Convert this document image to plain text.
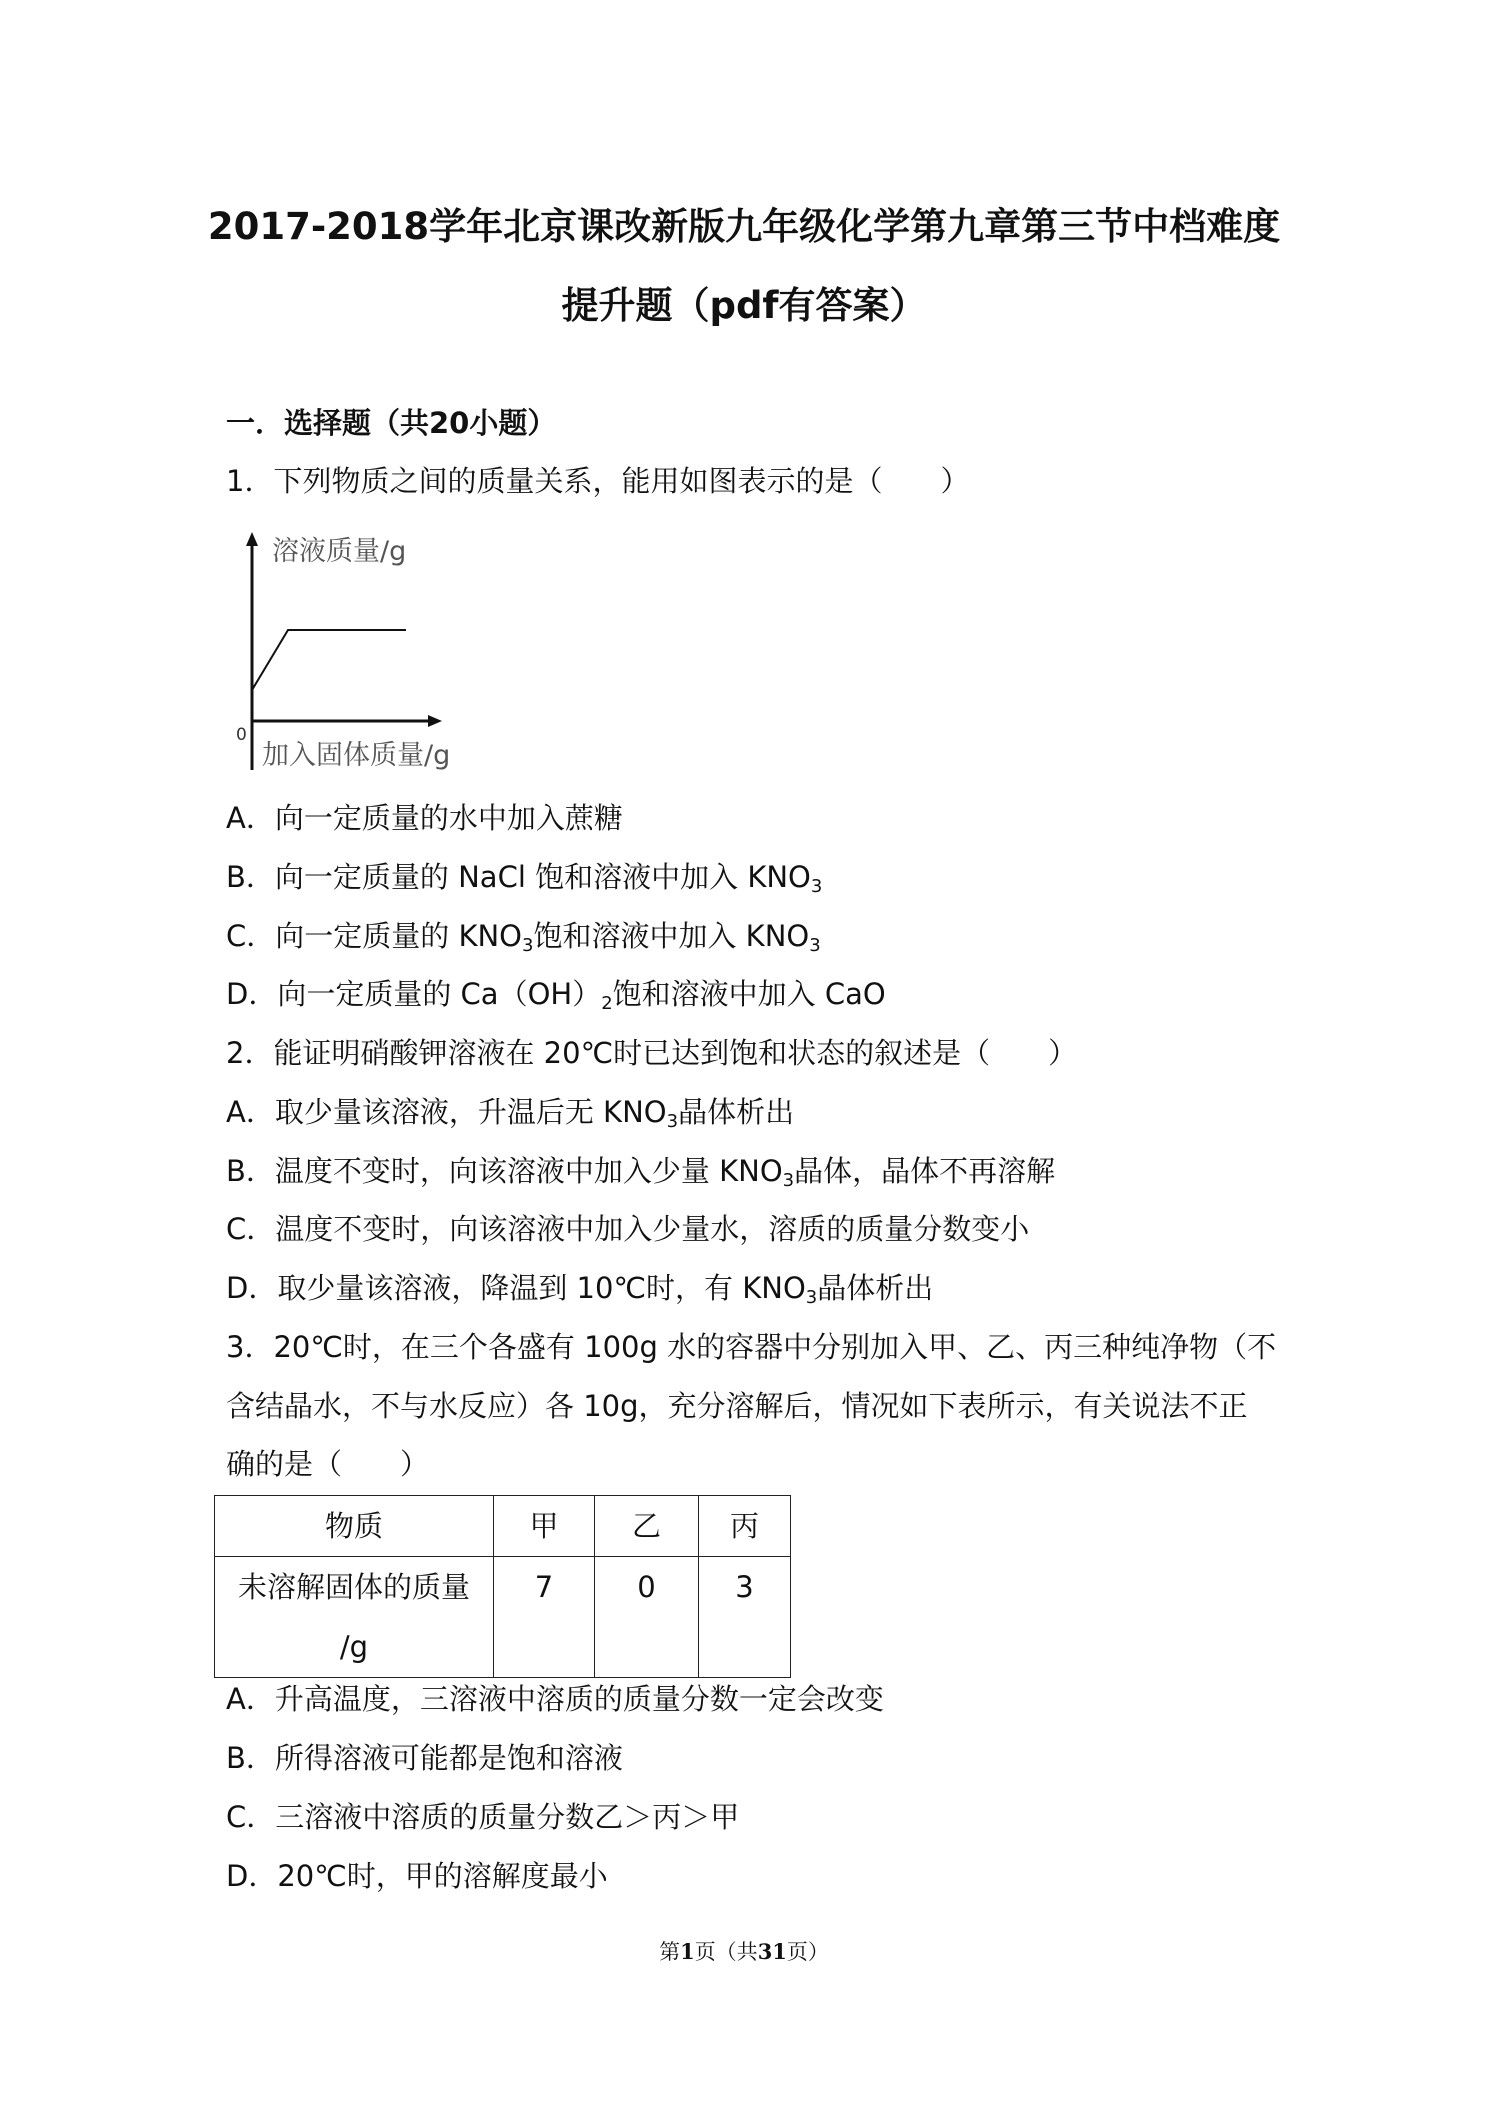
2017-2018学年北京课改新版九年级化学第九章第三节中档难度
提升题（pdf有答案）
一．选择题（共20小题）
1．下列物质之间的质量关系，能用如图表示的是（　　）
溶液质量/g
0
加入固体质量/g
A．向一定质量的水中加入蔗糖
B．向一定质量的 NaCl 饱和溶液中加入 $KNO_3$
C．向一定质量的 $KNO_3$饱和溶液中加入 $KNO_3$
D．向一定质量的 $Ca(OH)_2$饱和溶液中加入 CaO
2．能证明硝酸钾溶液在 20℃时已达到饱和状态的叙述是（　　）
A．取少量该溶液，升温后无 $KNO_3$晶体析出
B．温度不变时，向该溶液中加入少量 $KNO_3$晶体，晶体不再溶解
C．温度不变时，向该溶液中加入少量水，溶质的质量分数变小
D．取少量该溶液，降温到 10℃时，有 $KNO_3$晶体析出
3．20℃时，在三个各盛有 100g 水的容器中分别加入甲、乙、丙三种纯净物（不
含结晶水，不与水反应）各 10g，充分溶解后，情况如下表所示，有关说法不正
确的是（　　）
物质	甲	乙	丙

未溶解固体的质量
/g	7	0	3
A．升高温度，三溶液中溶质的质量分数一定会改变
B．所得溶液可能都是饱和溶液
C．三溶液中溶质的质量分数乙＞丙＞甲
D．20℃时，甲的溶解度最小
第1页（共31页）
